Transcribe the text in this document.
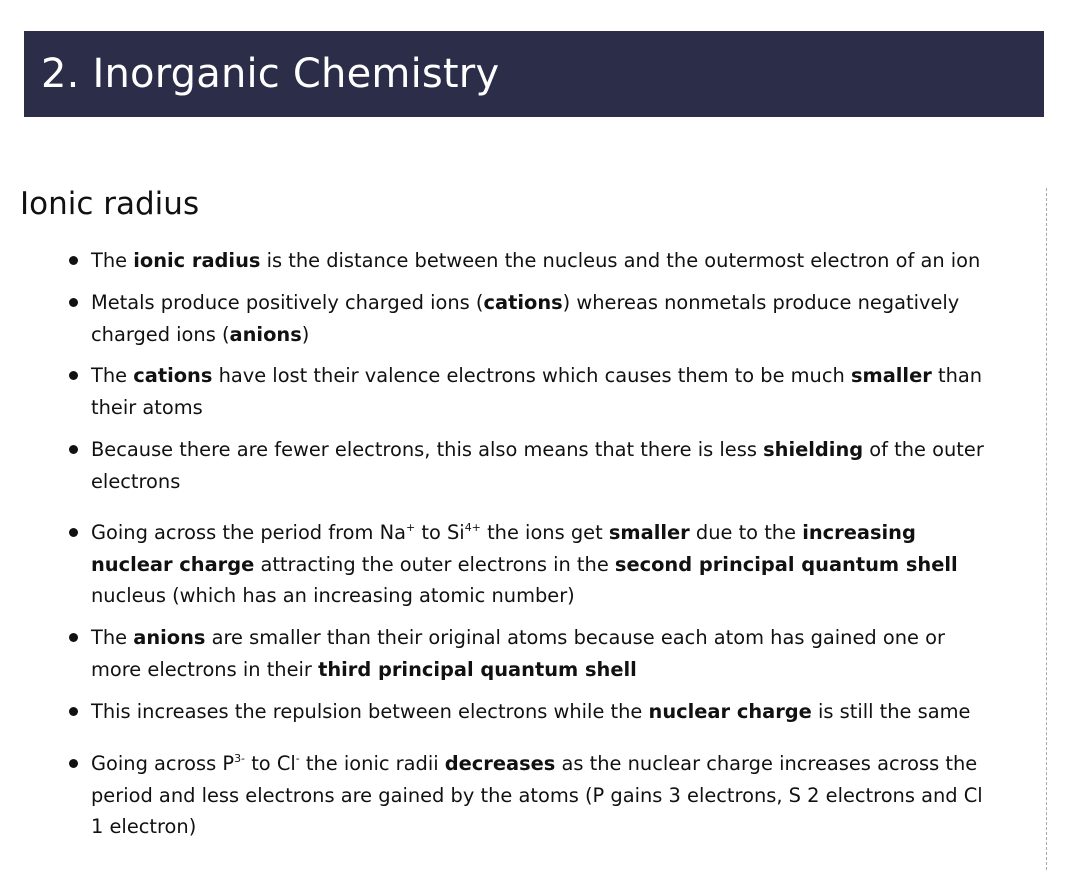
2. Inorganic Chemistry
Ionic radius

The ionic radius is the distance between the nucleus and the outermost electron of an ion

Metals produce positively charged ions (cations) whereas nonmetals produce negatively charged ions (anions)

The cations have lost their valence electrons which causes them to be much smaller than their atoms

Because there are fewer electrons, this also means that there is less shielding of the outer electrons

Going across the period from Na+ to $Si^{4+}$ the ions get smaller due to the increasing nuclear charge attracting the outer electrons in the second principal quantum shell nucleus (which has an increasing atomic number)

The anions are smaller than their original atoms because each atom has gained one or more electrons in their third principal quantum shell

This increases the repulsion between electrons while the nuclear charge is still the same

Going across $P^{3-}$ to Cl- the ionic radii decreases as the nuclear charge increases across the period and less electrons are gained by the atoms (P gains 3 electrons, S 2 electrons and Cl 1 electron)
